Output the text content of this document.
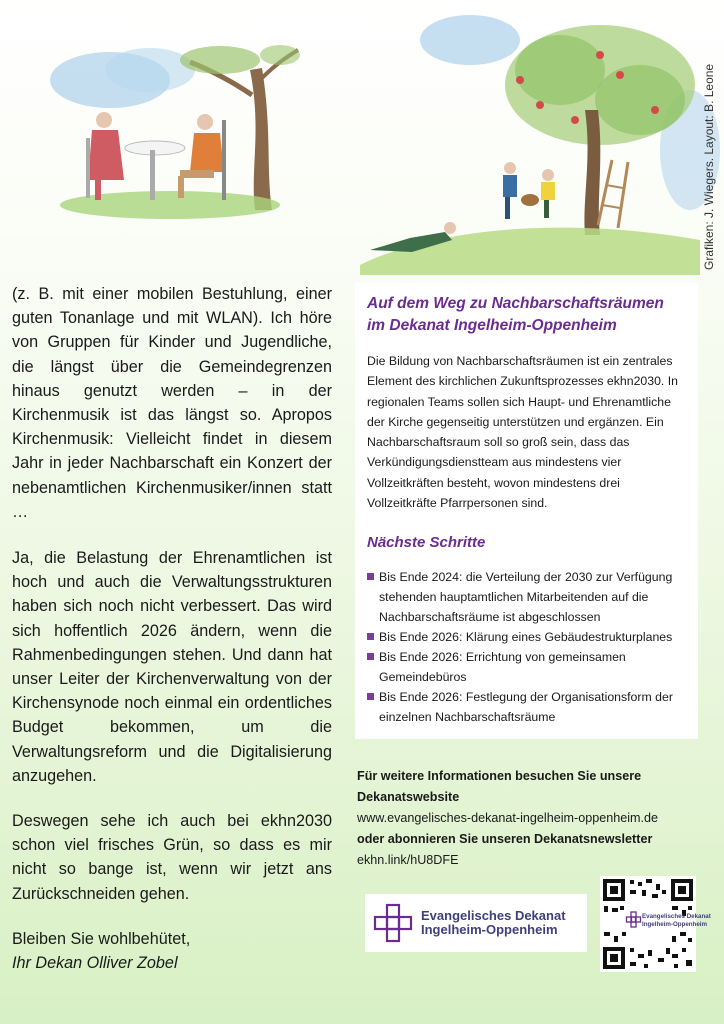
Grafiken: J. Wiegers. Layout: B. Leone

(z. B. mit einer mobilen Bestuhlung, einer guten Tonanlage und mit WLAN). Ich höre von Gruppen für Kinder und Jugendliche, die längst über die Gemeindegrenzen hinaus genutzt werden – in der Kirchenmusik ist das längst so. Apropos Kirchenmusik: Vielleicht findet in diesem Jahr in jeder Nachbarschaft ein Konzert der nebenamtlichen Kirchenmusiker/innen statt …

Ja, die Belastung der Ehrenamtlichen ist hoch und auch die Verwaltungsstrukturen haben sich noch nicht verbessert. Das wird sich hoffentlich 2026 ändern, wenn die Rahmenbedingungen stehen. Und dann hat unser Leiter der Kirchenverwaltung von der Kirchensynode noch einmal ein ordentliches Budget bekommen, um die Verwaltungsreform und die Digitalisierung anzugehen.

Deswegen sehe ich auch bei ekhn2030 schon viel frisches Grün, so dass es mir nicht so bange ist, wenn wir jetzt ans Zurückschneiden gehen.

Bleiben Sie wohlbehütet,
Ihr Dekan Olliver Zobel
Auf dem Weg zu Nachbarschaftsräumen
im Dekanat Ingelheim-Oppenheim

Die Bildung von Nachbarschaftsräumen ist ein zentrales Element des kirchlichen Zukunftsprozesses ekhn2030. In regionalen Teams sollen sich Haupt- und Ehrenamtliche der Kirche gegenseitig unterstützen und ergänzen. Ein Nachbarschaftsraum soll so groß sein, dass das Verkündigungsdienstteam aus mindestens vier Vollzeitkräften besteht, wovon mindestens drei Vollzeitkräfte Pfarrpersonen sind.

Nächste Schritte
Bis Ende 2024: die Verteilung der 2030 zur Verfügung stehenden hauptamtlichen Mitarbeitenden auf die Nachbarschaftsräume ist abgeschlossen
Bis Ende 2026: Klärung eines Gebäudestrukturplanes
Bis Ende 2026: Errichtung von gemeinsamen Gemeindebüros
Bis Ende 2026: Festlegung der Organisationsform der einzelnen Nachbarschaftsräume
Für weitere Informationen besuchen Sie unsere Dekanatswebsite
www.evangelisches-dekanat-ingelheim-oppenheim.de
oder abonnieren Sie unseren Dekanatsnewsletter
ekhn.link/hU8DFE
Evangelisches Dekanat
Ingelheim-Oppenheim
Evangelisches Dekanat
Ingelheim-Oppenheim
